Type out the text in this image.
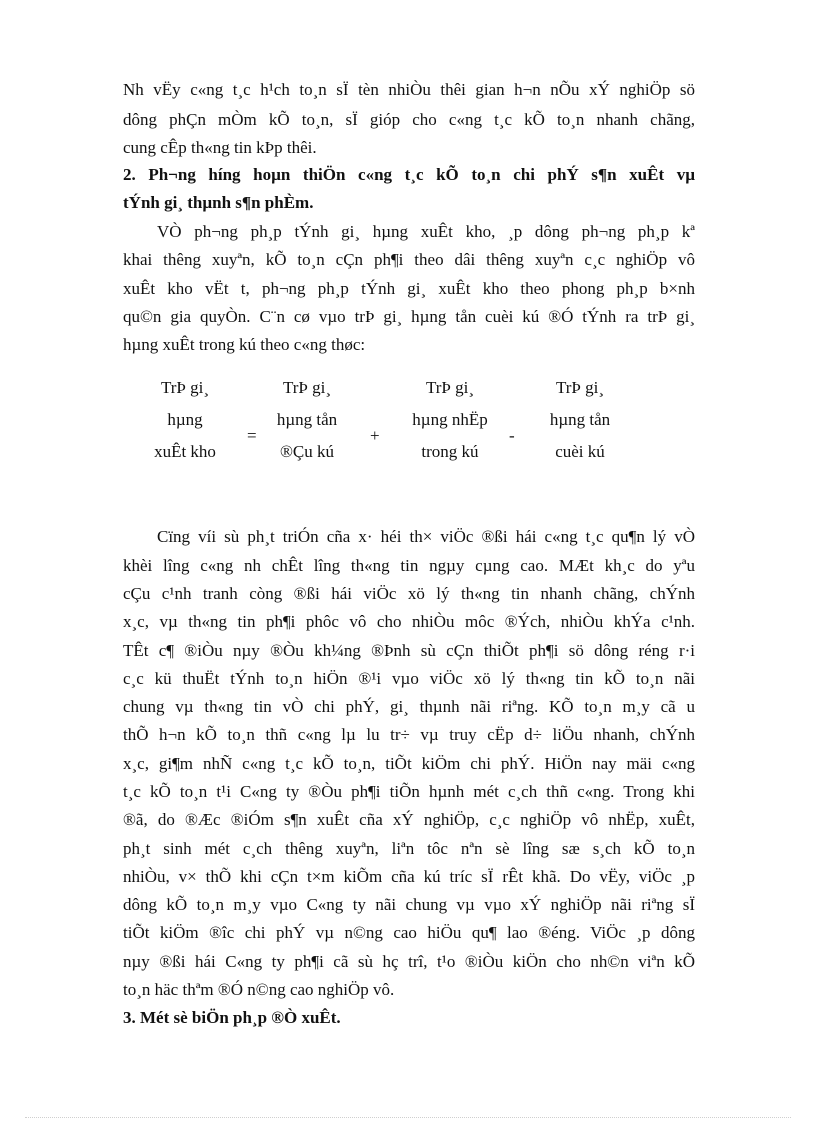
Nh vËy c«ng t¸c h¹ch to¸n sÏ tèn nhiÒu thêi gian h¬n nÕu xÝ nghiÖp sö
dông phÇn mÒm kÕ to¸n, sÏ gióp cho c«ng t¸c kÕ to¸n nhanh chãng,
cung cÊp th«ng tin kÞp thêi.
2. Ph¬ng híng hoµn thiÖn c«ng t¸c kÕ to¸n chi phÝ s¶n xuÊt vµ
tÝnh gi¸ thµnh s¶n phÈm.
VÒ ph¬ng ph¸p tÝnh gi¸ hµng xuÊt kho, ¸p dông ph¬ng ph¸p kª
khai thêng xuyªn, kÕ to¸n cÇn ph¶i theo dâi thêng xuyªn c¸c nghiÖp vô
xuÊt kho vËt t, ph¬ng ph¸p tÝnh gi¸ xuÊt kho theo phong ph¸p b×nh
qu©n gia quyÒn. C¨n cø vµo trÞ gi¸ hµng tån cuèi kú ®Ó tÝnh ra trÞ gi¸
hµng xuÊt trong kú theo c«ng thøc:
TrÞ gi¸
hµng
xuÊt kho
=
TrÞ gi¸
hµng tån
®Çu kú
+
TrÞ gi¸
hµng nhËp
trong kú
-
TrÞ gi¸
hµng tån
cuèi kú
Cïng víi sù ph¸t triÓn cña x· héi th× viÖc ®ßi hái c«ng t¸c qu¶n lý vÒ
khèi lîng c«ng nh chÊt lîng th«ng tin ngµy cµng cao. MÆt kh¸c do yªu
cÇu c¹nh tranh còng ®ßi hái viÖc xö lý th«ng tin nhanh chãng, chÝnh
x¸c, vµ th«ng tin ph¶i phôc vô cho nhiÒu môc ®Ých, nhiÒu khÝa c¹nh.
TÊt c¶ ®iÒu nµy ®Òu kh¼ng ®Þnh sù cÇn thiÕt ph¶i sö dông réng r·i
c¸c kü thuËt tÝnh to¸n hiÖn ®¹i vµo viÖc xö lý th«ng tin kÕ to¸n nãi
chung vµ th«ng tin vÒ chi phÝ, gi¸ thµnh nãi riªng. KÕ to¸n m¸y cã u
thÕ h¬n kÕ to¸n thñ c«ng lµ lu tr÷ vµ truy cËp d÷ liÖu nhanh, chÝnh
x¸c, gi¶m nhÑ c«ng t¸c kÕ to¸n, tiÕt kiÖm chi phÝ. HiÖn nay mäi c«ng
t¸c kÕ to¸n t¹i C«ng ty ®Òu ph¶i tiÕn hµnh mét c¸ch thñ c«ng. Trong khi
®ã, do ®Æc ®iÓm s¶n xuÊt cña xÝ nghiÖp, c¸c nghiÖp vô nhËp, xuÊt,
ph¸t sinh mét c¸ch thêng xuyªn, liªn tôc nªn sè lîng sæ s¸ch kÕ to¸n
nhiÒu, v× thÕ khi cÇn t×m kiÕm cña kú tríc sÏ rÊt khã. Do vËy, viÖc ¸p
dông kÕ to¸n m¸y vµo C«ng ty nãi chung vµ vµo xÝ nghiÖp nãi riªng sÏ
tiÕt kiÖm ®îc chi phÝ vµ n©ng cao hiÖu qu¶ lao ®éng. ViÖc ¸p dông
nµy ®ßi hái C«ng ty ph¶i cã sù hç trî, t¹o ®iÒu kiÖn cho nh©n viªn kÕ
to¸n häc thªm ®Ó n©ng cao nghiÖp vô.
3. Mét sè biÖn ph¸p ®Ò xuÊt.
